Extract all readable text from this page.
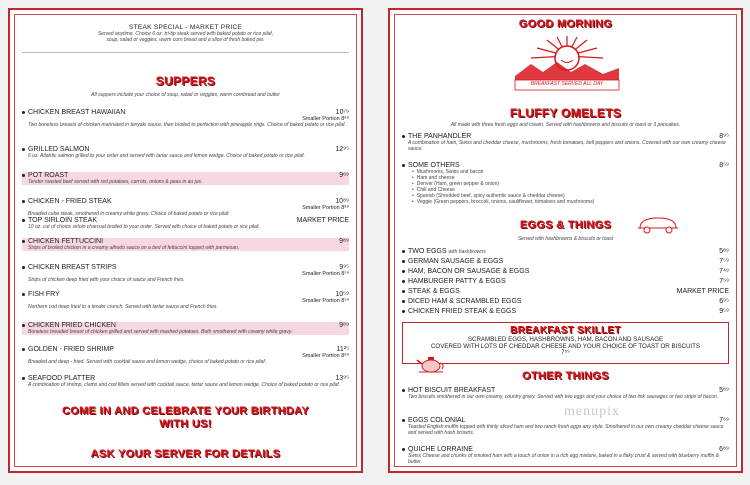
STEAK SPECIAL - MARKET PRICE
Served anytime. Choice 6 oz. tri-tip steak served with baked potato or rice pilaf,
soup, salad or veggies, warm corn bread and a slice of fresh baked pie.
SUPPERS
All suppers include your choice of soup, salad or veggies, warm cornbread and butter
CHICKEN BREAST HAWAIIAN	10⁷⁹
Smaller Portion 8⁸⁹
Two boneless breasts of chicken marinated in teriyaki sauce, then broiled to perfection with pineapple rings. Choice of baked potato or rice pilaf.
GRILLED SALMON	12⁹⁵
6 oz. Atlantic salmon grilled to your order and served with tartar sauce and lemon wedge. Choice of baked potato or rice pilaf.
POT ROAST	9⁶⁹
Tender roasted beef served with red potatoes, carrots, onions & peas in au jus.
CHICKEN - FRIED STEAK	10⁸⁹
Smaller Portion 8⁸⁹
Breaded cube steak, smothered in creamy white gravy. Choice of baked potato or rice pilaf.
TOP SIRLOIN STEAK	MARKET PRICE
10 oz. cut of choice sirloin charcoal broiled to your order. Served with choice of baked potato or rice pilaf.
CHICKEN FETTUCCINI	9⁸⁹
Strips of broiled chicken in a creamy alfredo sauce on a bed of fettuccini topped with parmesan.
CHICKEN BREAST STRIPS	9⁹⁵
Smaller Portion 8⁵⁹
Strips of chicken deep fried with your choice of sauce and French fries.
FISH FRY	10⁵⁹
Smaller Portion 8⁵⁹
Northern cod deep fried to a tender crunch. Served with tartar sauce and French fries.
CHICKEN FRIED CHICKEN	9⁸⁹
Boneless breaded breast of chicken grilled and served with mashed potatoes. Both smothered with creamy white gravy.
GOLDEN - FRIED SHRIMP	11²⁵
Smaller Portion 8⁸⁹
Breaded and deep - fried. Served with cocktail sauce and lemon wedge, choice of baked potato or rice pilaf.
SEAFOOD PLATTER	13⁹⁵
A combination of shrimp, clams and cod fillets served with cocktail sauce, tartar sauce and lemon wedge. Choice of baked potato or rice pilaf.
COME IN AND CELEBRATE YOUR BIRTHDAY
WITH US!
ASK YOUR SERVER FOR DETAILS
GOOD MORNING
BREAKFAST SERVED ALL DAY
FLUFFY OMELETS
All made with three fresh eggs and cream. Served with hashbrowns and biscuits or toast or 3 pancakes.
THE PANHANDLER	8⁹⁵
A combination of ham, Swiss and cheddar cheese, mushrooms, fresh tomatoes, bell peppers and onions. Covered with our own creamy cheese sauce.
SOME OTHERS	8⁵⁹
• Mushrooms, Swiss and bacon
• Ham and cheese
• Denver (Ham, green pepper & onion)
• Chili and Cheese
• Spanish (Shredded beef, spicy authentic sauce & cheddar cheese)
• Veggie (Green peppers, broccoli, onions, cauliflower, tomatoes and mushrooms)
EGGS & THINGS
Served with hashbrowns & biscuits or toast
TWO EGGS with hashbrowns	5⁸⁹
GERMAN SAUSAGE & EGGS	7⁵⁹
HAM, BACON OR SAUSAGE & EGGS	7⁴⁹
HAMBURGER PATTY & EGGS	7⁵⁹
STEAK & EGGS	MARKET PRICE
DICED HAM & SCRAMBLED EGGS	6⁹⁵
CHICKEN FRIED STEAK & EGGS	9⁵⁹
BREAKFAST SKILLET
SCRAMBLED EGGS, HASHBROWNS, HAM, BACON AND SAUSAGE
COVERED WITH LOTS OF CHEDDAR CHEESE AND YOUR CHOICE OF TOAST OR BISCUITS
7⁵⁹
OTHER THINGS
HOT BISCUIT BREAKFAST	5⁸⁹
Two biscuits smothered in our own creamy, country gravy. Served with two eggs and your choice of two link sausages or two strips of bacon.
EGGS COLONIAL	7⁶⁹
Toasted English muffin topped with thinly sliced ham and two ranch fresh eggs any style. Smothered in our own creamy cheddar cheese sauce and served with hash browns.
QUICHE LORRAINE	6⁸⁹
Swiss Cheese and chunks of smoked ham with a touch of onion in a rich egg mixture, baked in a flaky crust & served with blueberry muffin & butter.
menupix
